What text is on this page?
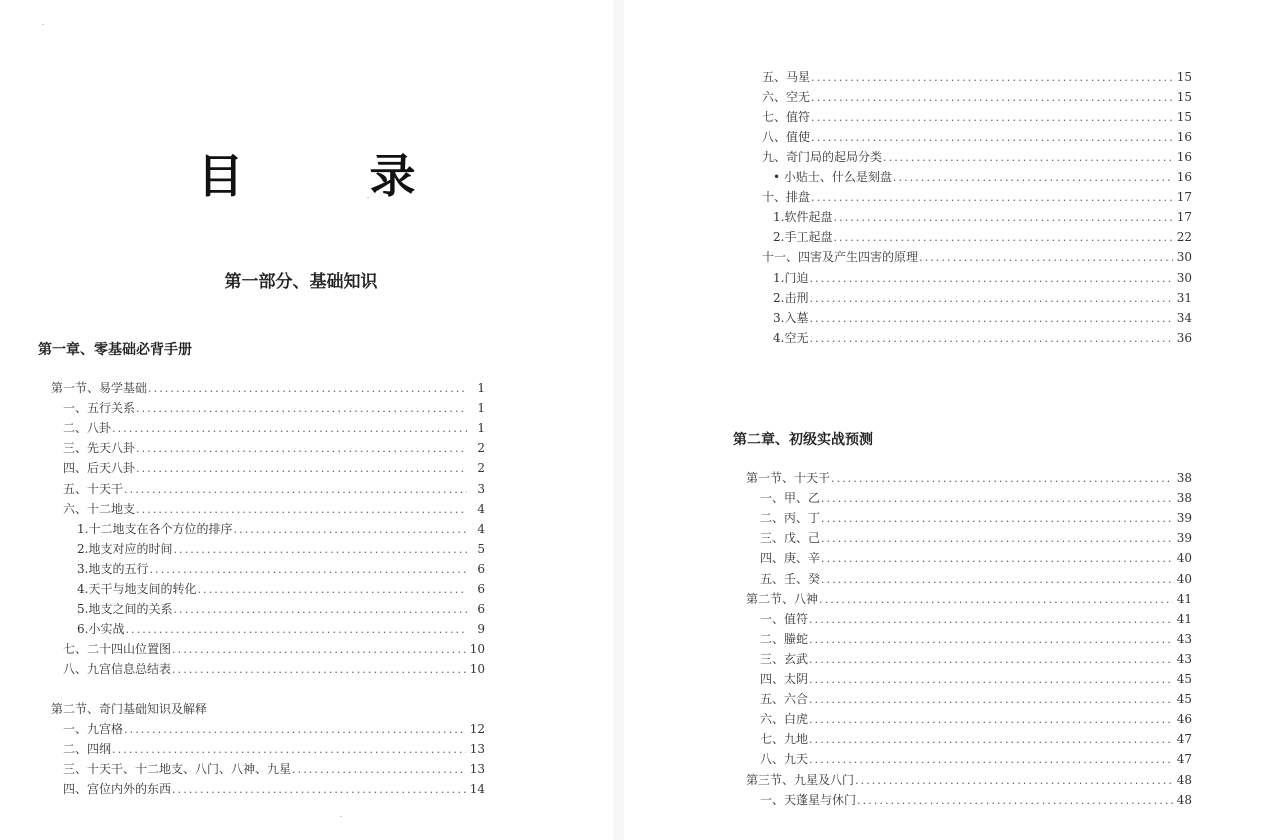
目　录
第一部分、基础知识
第一章、零基础必背手册
第一节、易学基础 .....	1
一、五行关系 .....	1
二、八卦 .....	1
三、先天八卦 .....	2
四、后天八卦 .....	2
五、十天干 .....	3
六、十二地支 .....	4
1.十二地支在各个方位的排序 .....	4
2.地支对应的时间 .....	5
3.地支的五行 .....	6
4.天干与地支间的转化 .....	6
5.地支之间的关系 .....	6
6.小实战 .....	9
七、二十四山位置图 .....	10
八、九宫信息总结表 .....	10
第二节、奇门基础知识及解释
一、九宫格 .....	12
二、四纲 .....	13
三、十天干、十二地支、八门、八神、九星 .....	13
四、宫位内外的东西 .....	14
五、马星 .....	15
六、空无 .....	15
七、值符 .....	15
八、值使 .....	16
九、奇门局的起局分类 .....	16
• 小贴士、什么是刻盘 .....	16
十、排盘 .....	17
1.软件起盘 .....	17
2.手工起盘 .....	22
十一、四害及产生四害的原理 .....	30
1.门迫 .....	30
2.击刑 .....	31
3.入墓 .....	34
4.空无 .....	36
第二章、初级实战预测
第一节、十天干 .....	38
一、甲、乙 .....	38
二、丙、丁 .....	39
三、戊、己 .....	39
四、庚、辛 .....	40
五、壬、癸 .....	40
第二节、八神 .....	41
一、值符 .....	41
二、螣蛇 .....	43
三、玄武 .....	43
四、太阴 .....	45
五、六合 .....	45
六、白虎 .....	46
七、九地 .....	47
八、九天 .....	47
第三节、九星及八门 .....	48
一、天蓬星与休门 .....	48
